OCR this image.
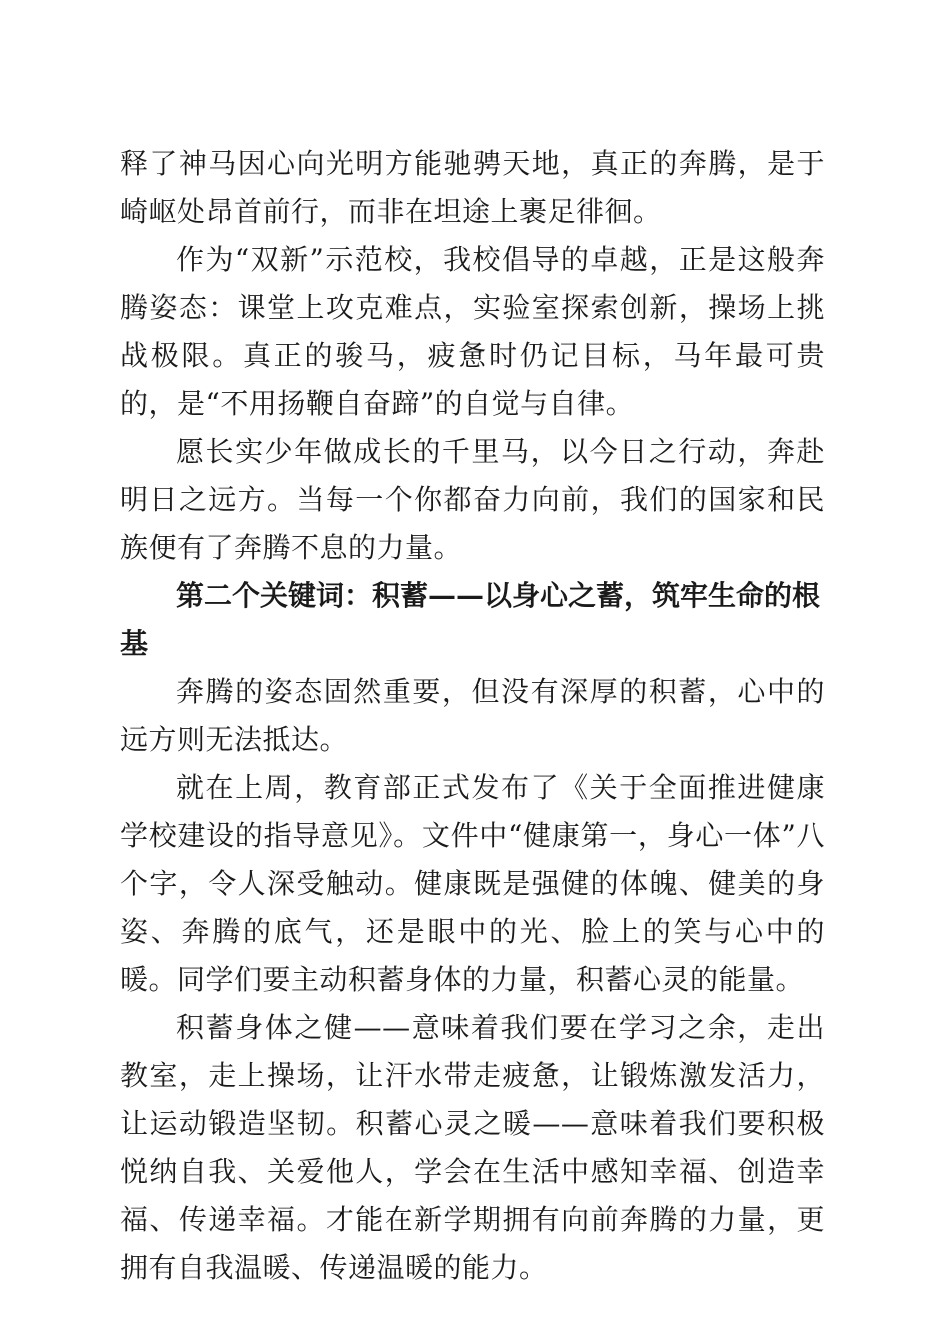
释了神马因心向光明方能驰骋天地，真正的奔腾，是于崎岖处昂首前行，而非在坦途上裹足徘徊。

作为“双新”示范校，我校倡导的卓越，正是这般奔腾姿态：课堂上攻克难点，实验室探索创新，操场上挑战极限。真正的骏马，疲惫时仍记目标，马年最可贵的，是“不用扬鞭自奋蹄”的自觉与自律。

愿长实少年做成长的千里马，以今日之行动，奔赴明日之远方。当每一个你都奋力向前，我们的国家和民族便有了奔腾不息的力量。

第二个关键词：积蓄——以身心之蓄，筑牢生命的根基

奔腾的姿态固然重要，但没有深厚的积蓄，心中的远方则无法抵达。

就在上周，教育部正式发布了《关于全面推进健康学校建设的指导意见》。文件中“健康第一，身心一体”八个字，令人深受触动。健康既是强健的体魄、健美的身姿、奔腾的底气，还是眼中的光、脸上的笑与心中的暖。同学们要主动积蓄身体的力量，积蓄心灵的能量。

积蓄身体之健——意味着我们要在学习之余，走出教室，走上操场，让汗水带走疲惫，让锻炼激发活力，让运动锻造坚韧。积蓄心灵之暖——意味着我们要积极悦纳自我、关爱他人，学会在生活中感知幸福、创造幸福、传递幸福。才能在新学期拥有向前奔腾的力量，更拥有自我温暖、传递温暖的能力。
